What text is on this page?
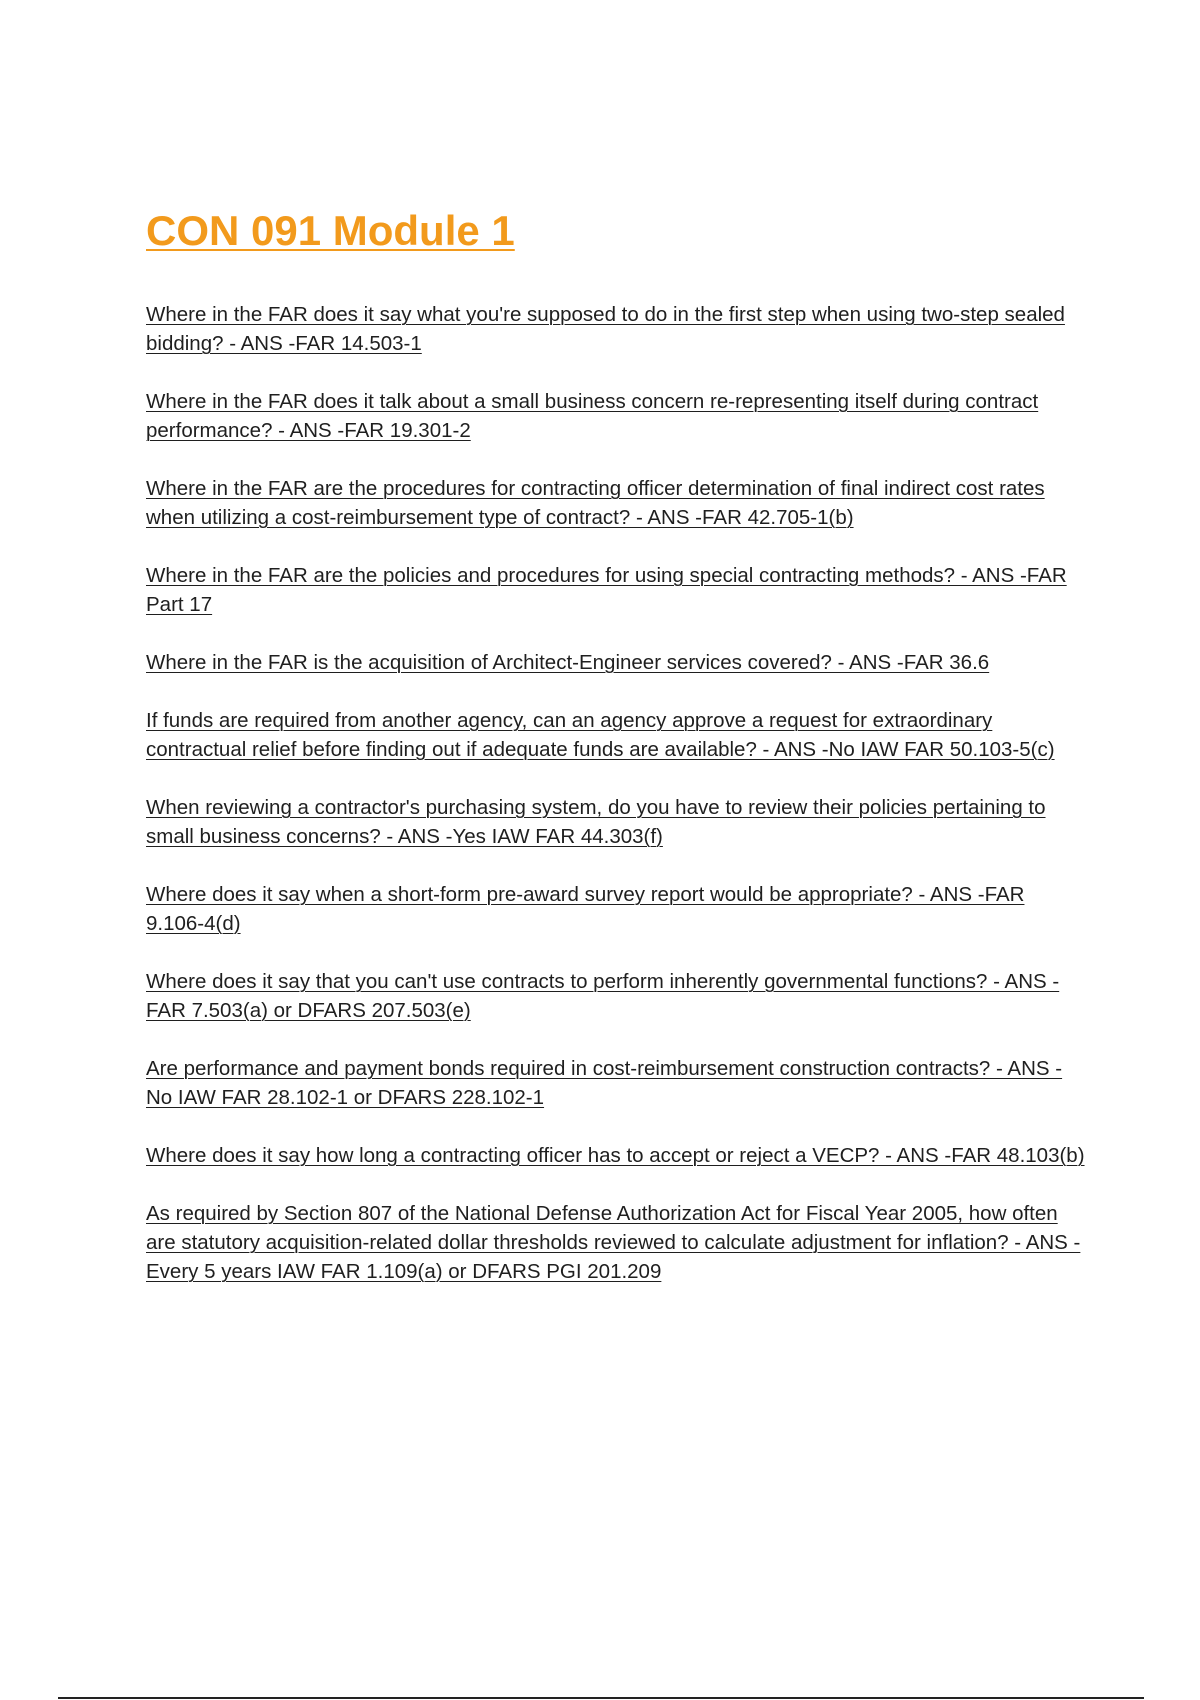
CON 091 Module 1
Where in the FAR does it say what you're supposed to do in the first step when using two-step sealed bidding? - ANS -FAR 14.503-1
Where in the FAR does it talk about a small business concern re-representing itself during contract performance? - ANS -FAR 19.301-2
Where in the FAR are the procedures for contracting officer determination of final indirect cost rates when utilizing a cost-reimbursement type of contract? - ANS -FAR 42.705-1(b)
Where in the FAR are the policies and procedures for using special contracting methods? - ANS -FAR Part 17
Where in the FAR is the acquisition of Architect-Engineer services covered? - ANS -FAR 36.6
If funds are required from another agency, can an agency approve a request for extraordinary contractual relief before finding out if adequate funds are available? - ANS -No IAW FAR 50.103-5(c)
When reviewing a contractor's purchasing system, do you have to review their policies pertaining to small business concerns? - ANS -Yes IAW FAR 44.303(f)
Where does it say when a short-form pre-award survey report would be appropriate? - ANS -FAR 9.106-4(d)
Where does it say that you can't use contracts to perform inherently governmental functions? - ANS -FAR 7.503(a) or DFARS 207.503(e)
Are performance and payment bonds required in cost-reimbursement construction contracts? - ANS -No IAW FAR 28.102-1 or DFARS 228.102-1
Where does it say how long a contracting officer has to accept or reject a VECP? - ANS -FAR 48.103(b)
As required by Section 807 of the National Defense Authorization Act for Fiscal Year 2005, how often are statutory acquisition-related dollar thresholds reviewed to calculate adjustment for inflation? - ANS -Every 5 years IAW FAR 1.109(a) or DFARS PGI 201.209
